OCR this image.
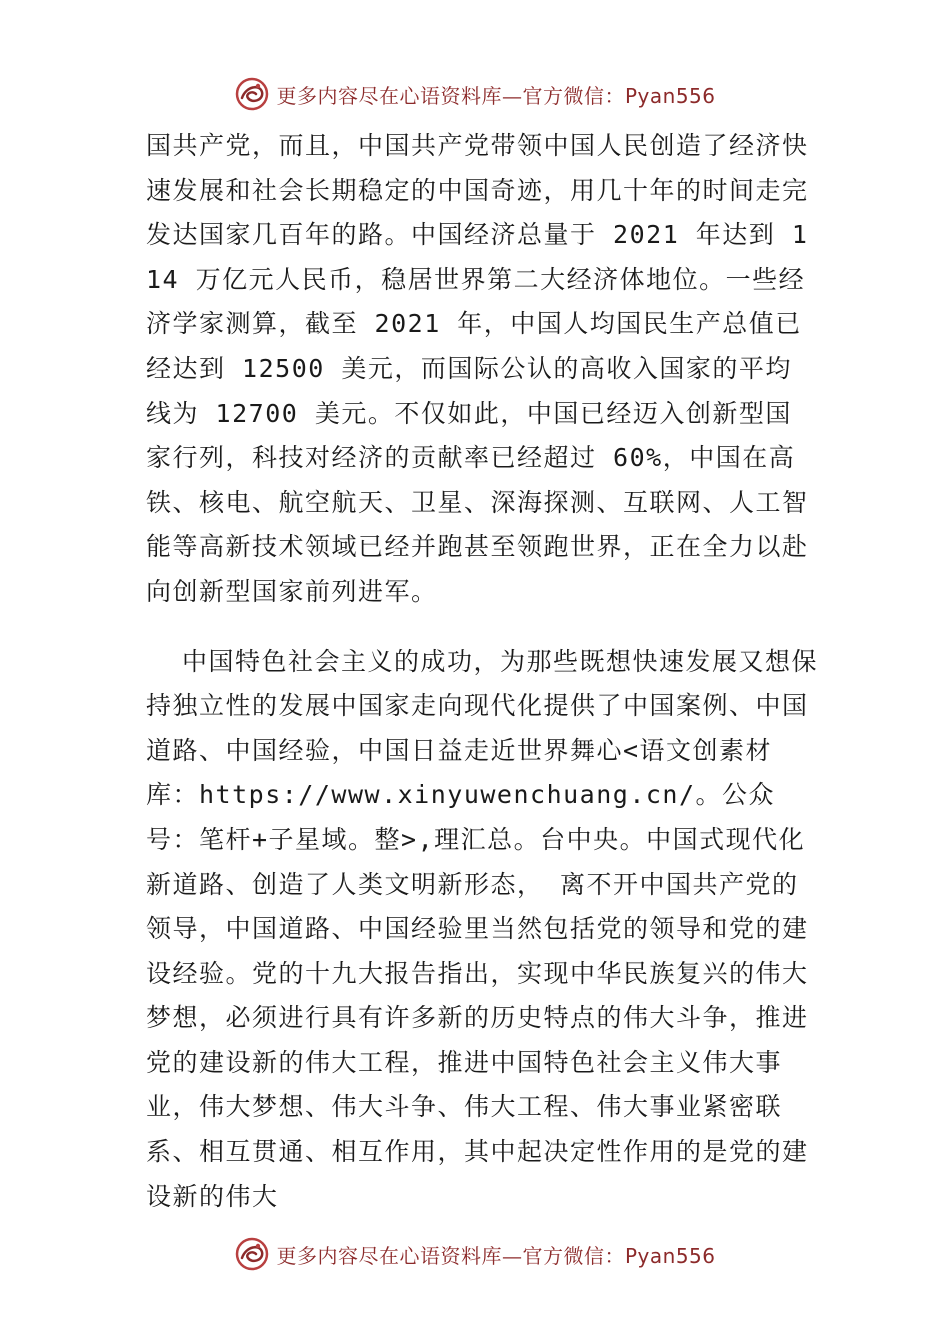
更多内容尽在心语资料库—官方微信：Pyan556

国共产党，而且，中国共产党带领中国人民创造了经济快速发展和社会长期稳定的中国奇迹，用几十年的时间走完发达国家几百年的路。中国经济总量于 2021 年达到 114 万亿元人民币，稳居世界第二大经济体地位。一些经济学家测算，截至 2021 年，中国人均国民生产总值已经达到 12500 美元，而国际公认的高收入国家的平均线为 12700 美元。不仅如此，中国已经迈入创新型国家行列，科技对经济的贡献率已经超过 60%，中国在高铁、核电、航空航天、卫星、深海探测、互联网、人工智能等高新技术领域已经并跑甚至领跑世界，正在全力以赴向创新型国家前列进军。

中国特色社会主义的成功，为那些既想快速发展又想保持独立性的发展中国家走向现代化提供了中国案例、中国道路、中国经验，中国日益走近世界舞心<语文创素材库：https://www.xinyuwenchuang.cn/。公众号：笔杆+子星域。整>,理汇总。台中央。中国式现代化新道路、创造了人类文明新形态， 离不开中国共产党的领导，中国道路、中国经验里当然包括党的领导和党的建设经验。党的十九大报告指出，实现中华民族复兴的伟大梦想，必须进行具有许多新的历史特点的伟大斗争，推进党的建设新的伟大工程，推进中国特色社会主义伟大事业，伟大梦想、伟大斗争、伟大工程、伟大事业紧密联系、相互贯通、相互作用，其中起决定性作用的是党的建设新的伟大

更多内容尽在心语资料库—官方微信：Pyan556
